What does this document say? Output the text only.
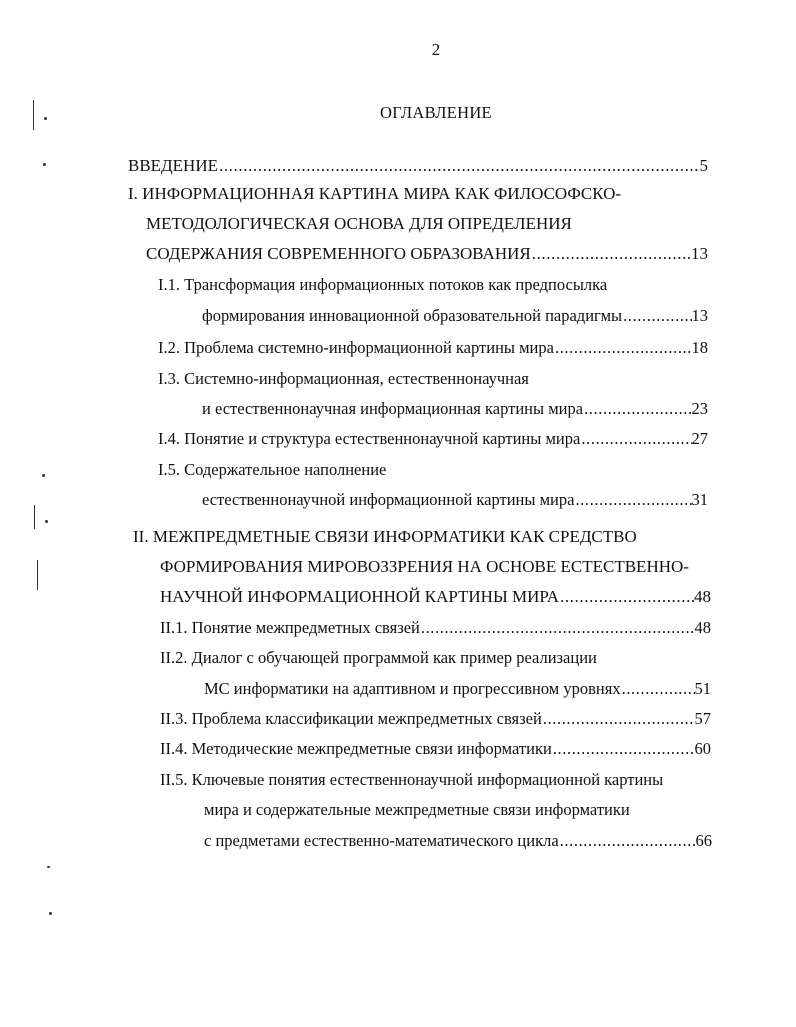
2
ОГЛАВЛЕНИЕ
ВВЕДЕНИЕ .....	5
I. ИНФОРМАЦИОННАЯ КАРТИНА МИРА КАК ФИЛОСОФСКО-
МЕТОДОЛОГИЧЕСКАЯ ОСНОВА ДЛЯ ОПРЕДЕЛЕНИЯ
СОДЕРЖАНИЯ СОВРЕМЕННОГО ОБРАЗОВАНИЯ .....	13
I.1. Трансформация информационных потоков как предпосылка
формирования инновационной образовательной парадигмы .....	13
I.2. Проблема системно-информационной картины мира .....	18
I.3. Системно-информационная, естественнонаучная
и естественнонаучная информационная картины мира .....	23
I.4. Понятие и структура естественнонаучной картины мира .....	27
I.5. Содержательное наполнение
естественнонаучной информационной картины мира .....	31
II. МЕЖПРЕДМЕТНЫЕ СВЯЗИ ИНФОРМАТИКИ КАК СРЕДСТВО
ФОРМИРОВАНИЯ МИРОВОЗЗРЕНИЯ НА ОСНОВЕ ЕСТЕСТВЕННО-
НАУЧНОЙ ИНФОРМАЦИОННОЙ КАРТИНЫ МИРА .....	48
II.1. Понятие межпредметных связей .....	48
II.2. Диалог с обучающей программой как пример реализации
МС информатики на адаптивном и прогрессивном уровнях .....	51
II.3. Проблема классификации межпредметных связей .....	57
II.4. Методические межпредметные связи информатики .....	60
II.5. Ключевые понятия естественнонаучной информационной картины
мира и содержательные межпредметные связи информатики
с предметами естественно-математического цикла .....	66
